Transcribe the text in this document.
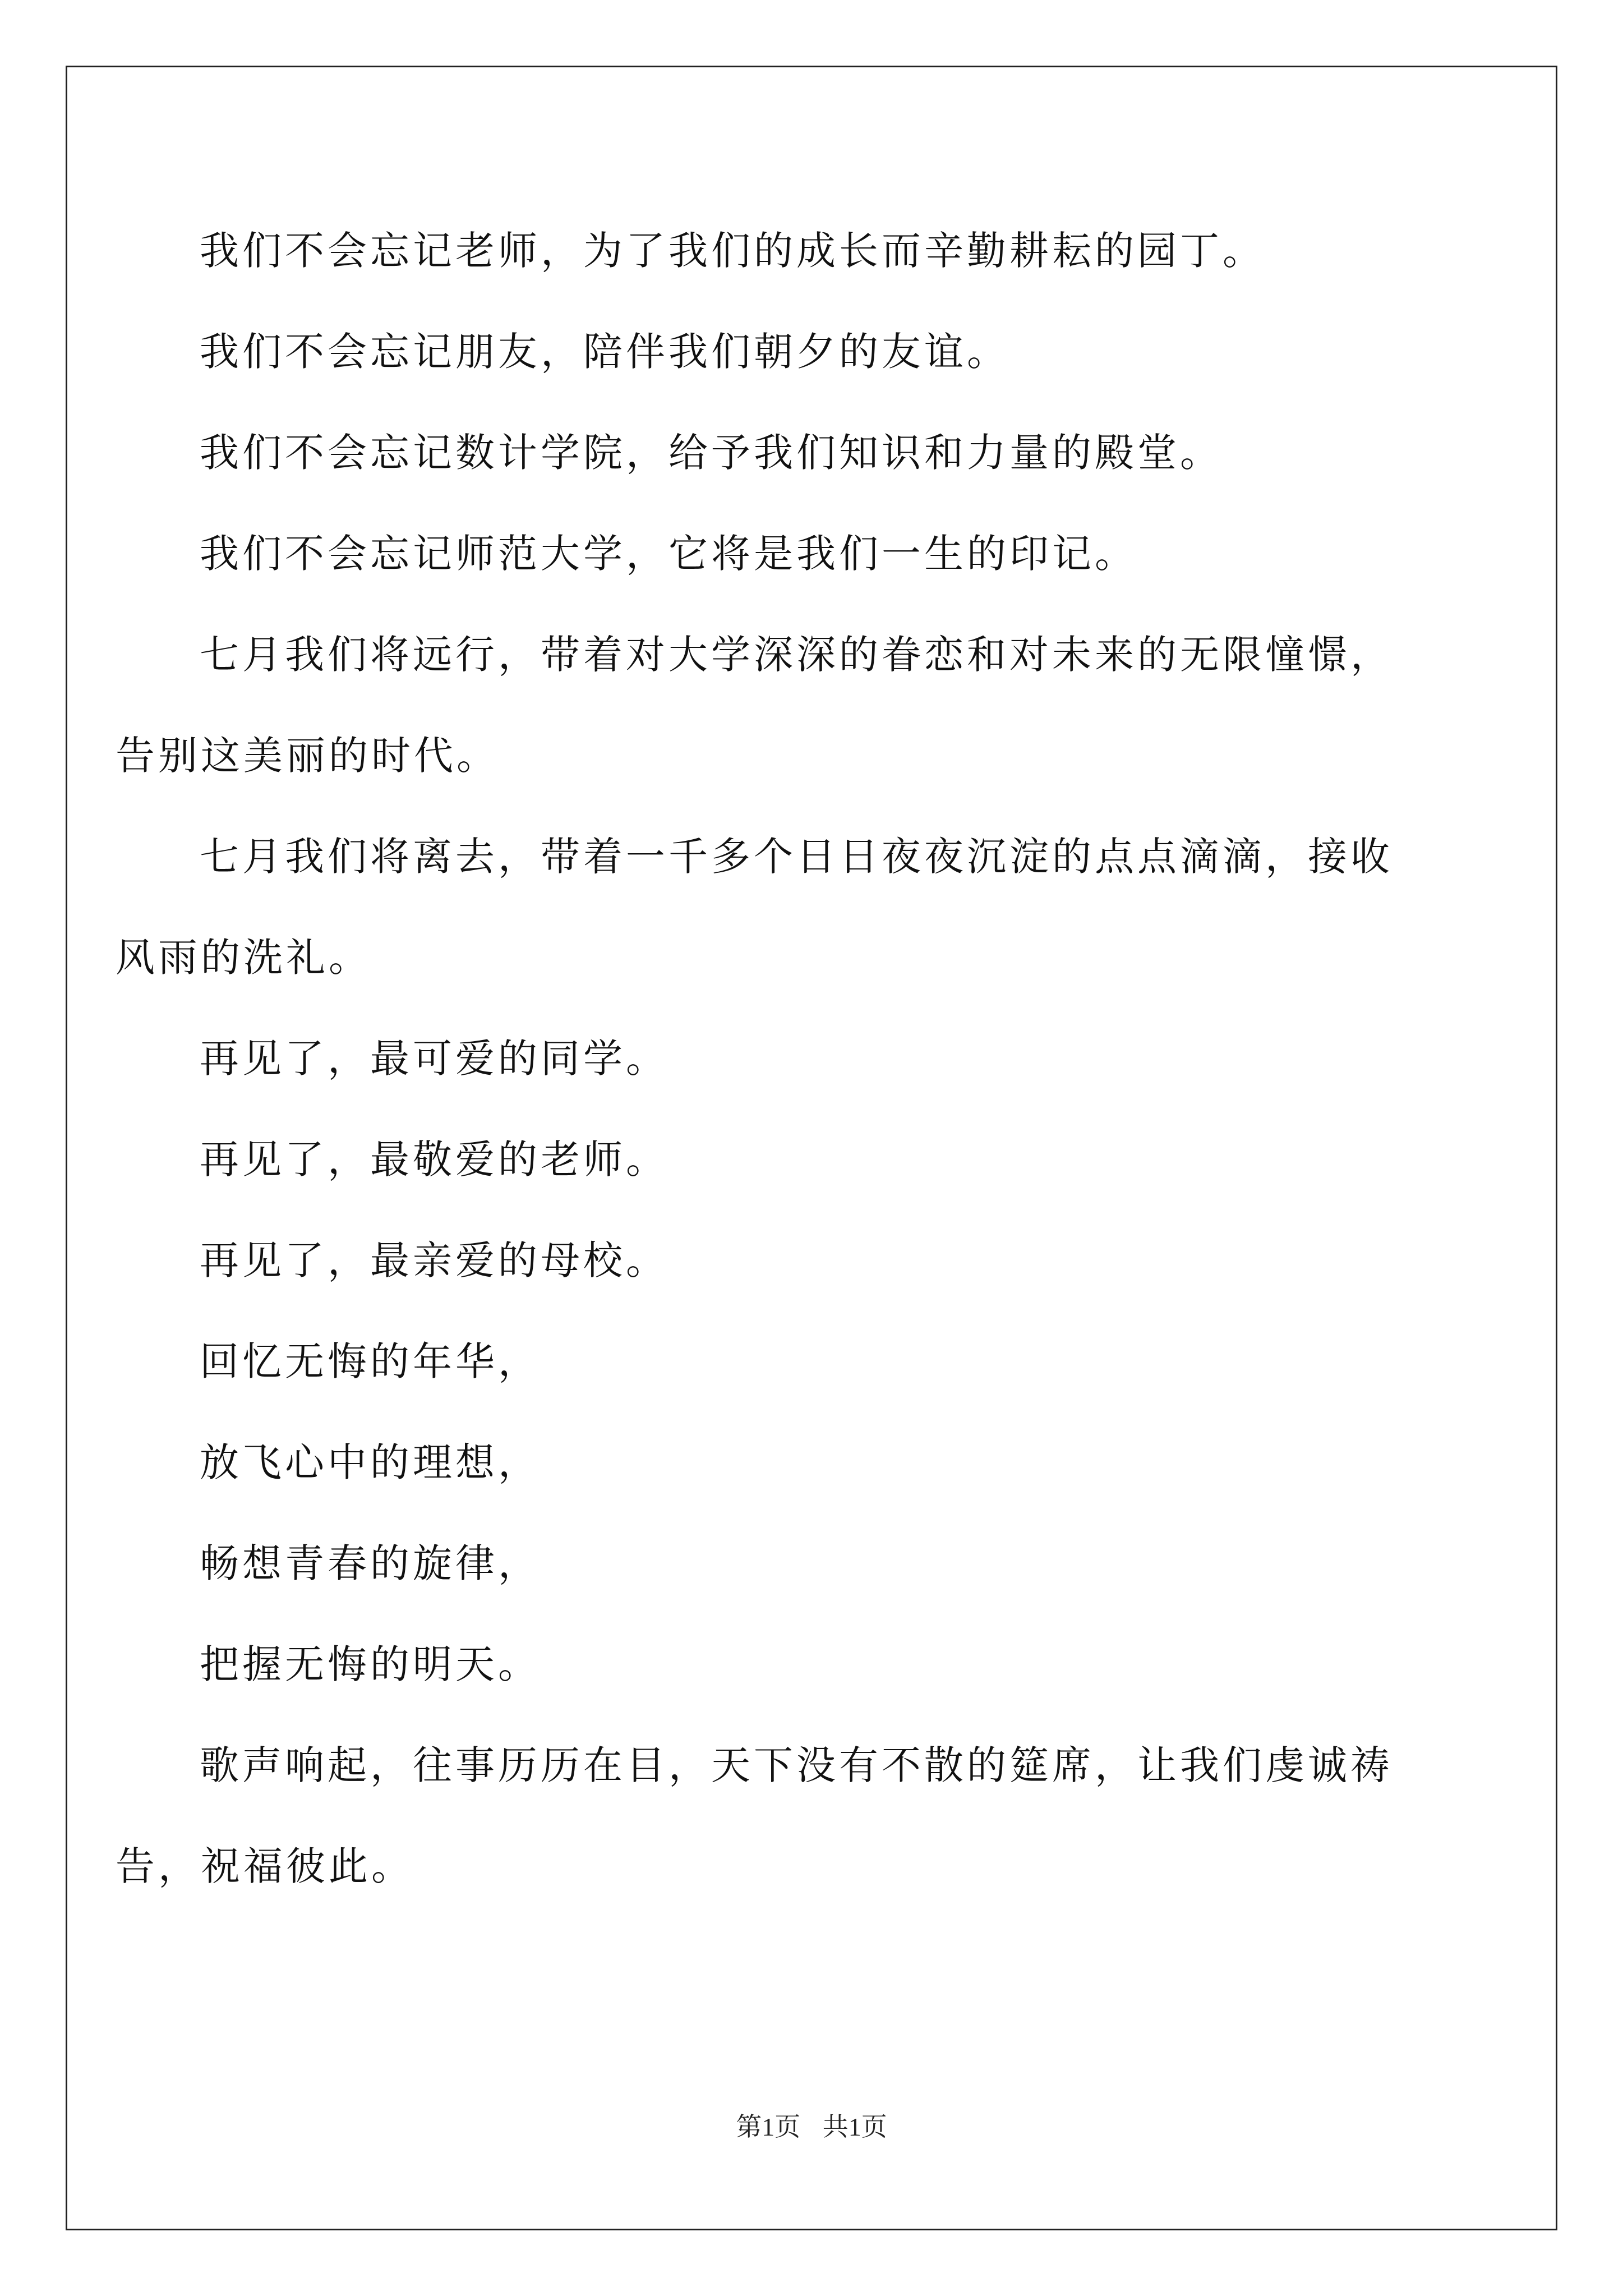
我们不会忘记老师，为了我们的成长而辛勤耕耘的园丁。
我们不会忘记朋友，陪伴我们朝夕的友谊。
我们不会忘记数计学院，给予我们知识和力量的殿堂。
我们不会忘记师范大学，它将是我们一生的印记。
七月我们将远行，带着对大学深深的眷恋和对未来的无限憧憬，
告别这美丽的时代。
七月我们将离去，带着一千多个日日夜夜沉淀的点点滴滴，接收
风雨的洗礼。
再见了，最可爱的同学。
再见了，最敬爱的老师。
再见了，最亲爱的母校。
回忆无悔的年华，
放飞心中的理想，
畅想青春的旋律，
把握无悔的明天。
歌声响起，往事历历在目，天下没有不散的筵席，让我们虔诚祷
告，祝福彼此。
第1页 共1页
